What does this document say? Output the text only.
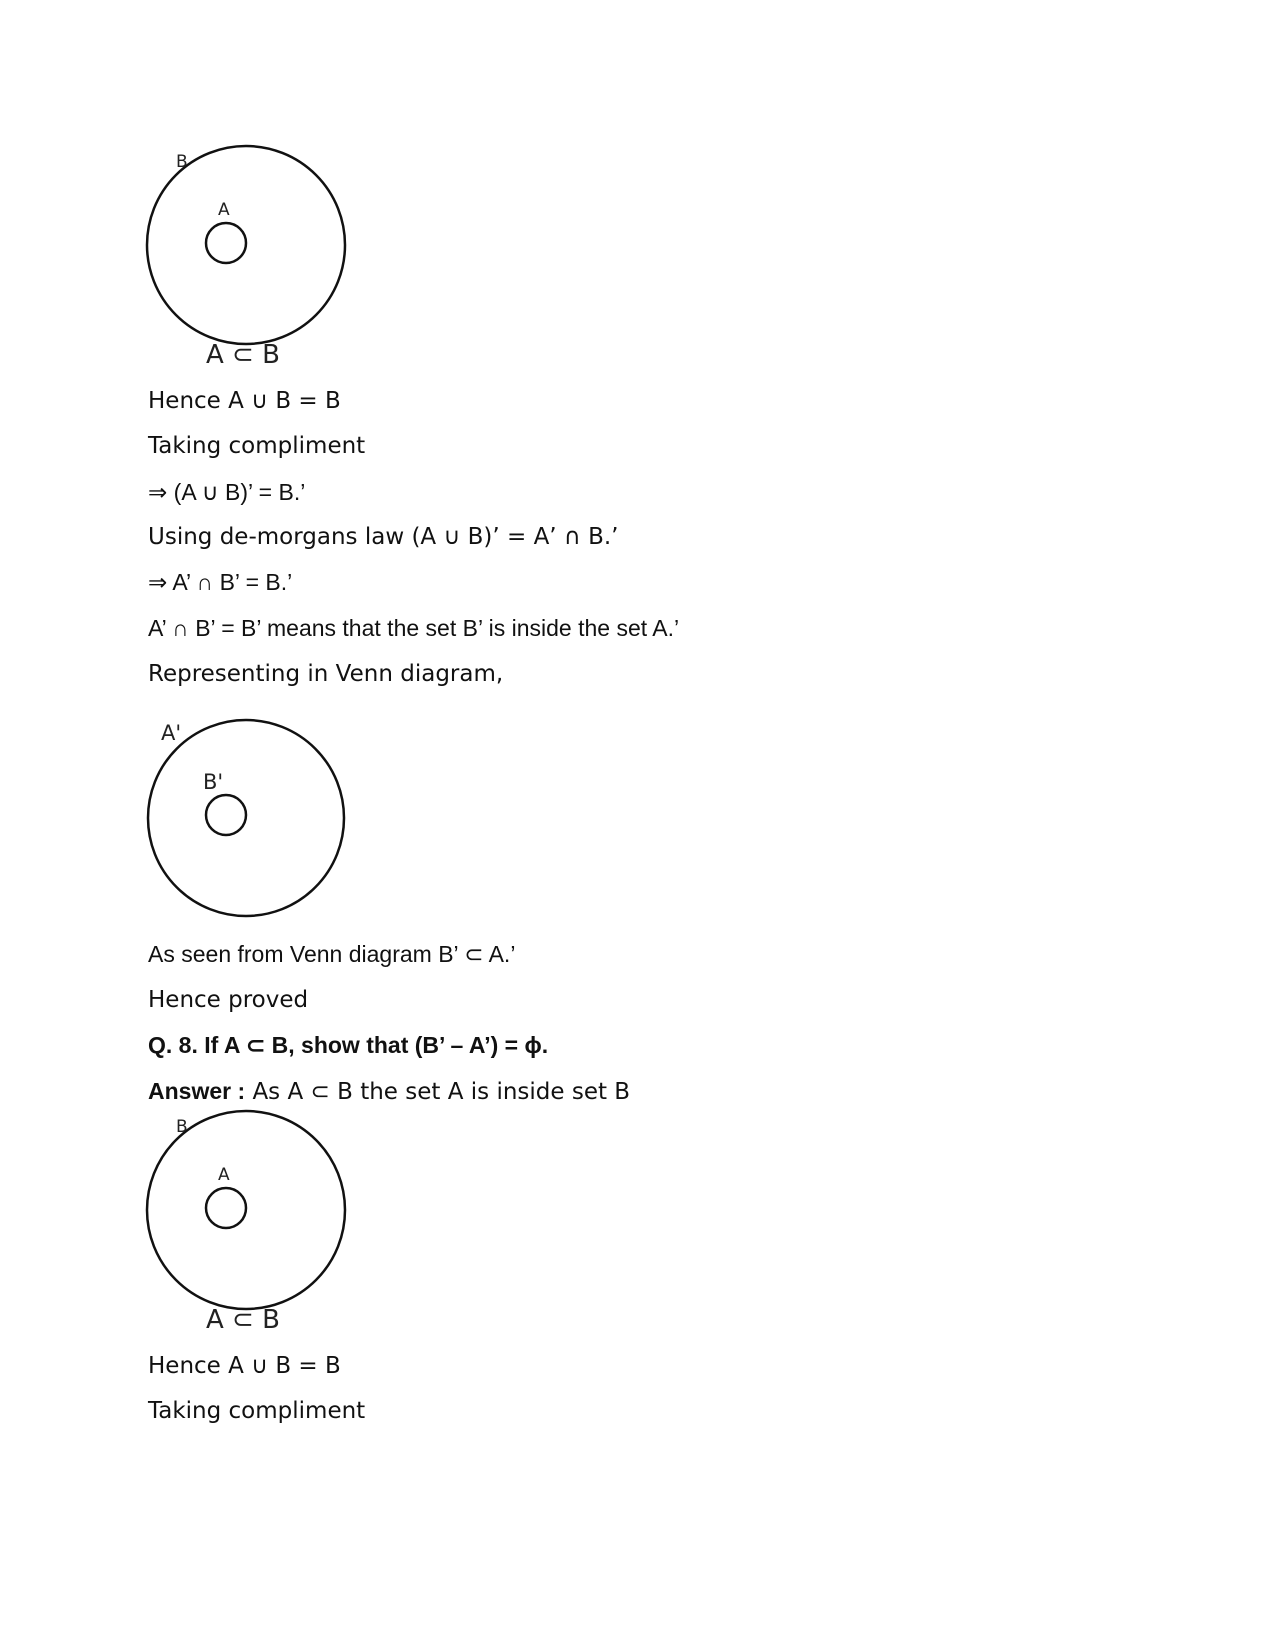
B
A
A ⊂ B

Hence A ∪ B = B

Taking compliment

⇒ (A ∪ B)’ = B.’

Using de-morgans law (A ∪ B)’ = A’ ∩ B.’

⇒ A’ ∩ B’ = B.’

A’ ∩ B’ = B’ means that the set B’ is inside the set A.’

Representing in Venn diagram,

A'
B'

As seen from Venn diagram B’ ⊂ A.’

Hence proved

Q. 8. If A ⊂ B, show that (B’ – A’) = ϕ.

Answer : As A ⊂ B the set A is inside set B

B
A
A ⊂ B

Hence A ∪ B = B

Taking compliment
